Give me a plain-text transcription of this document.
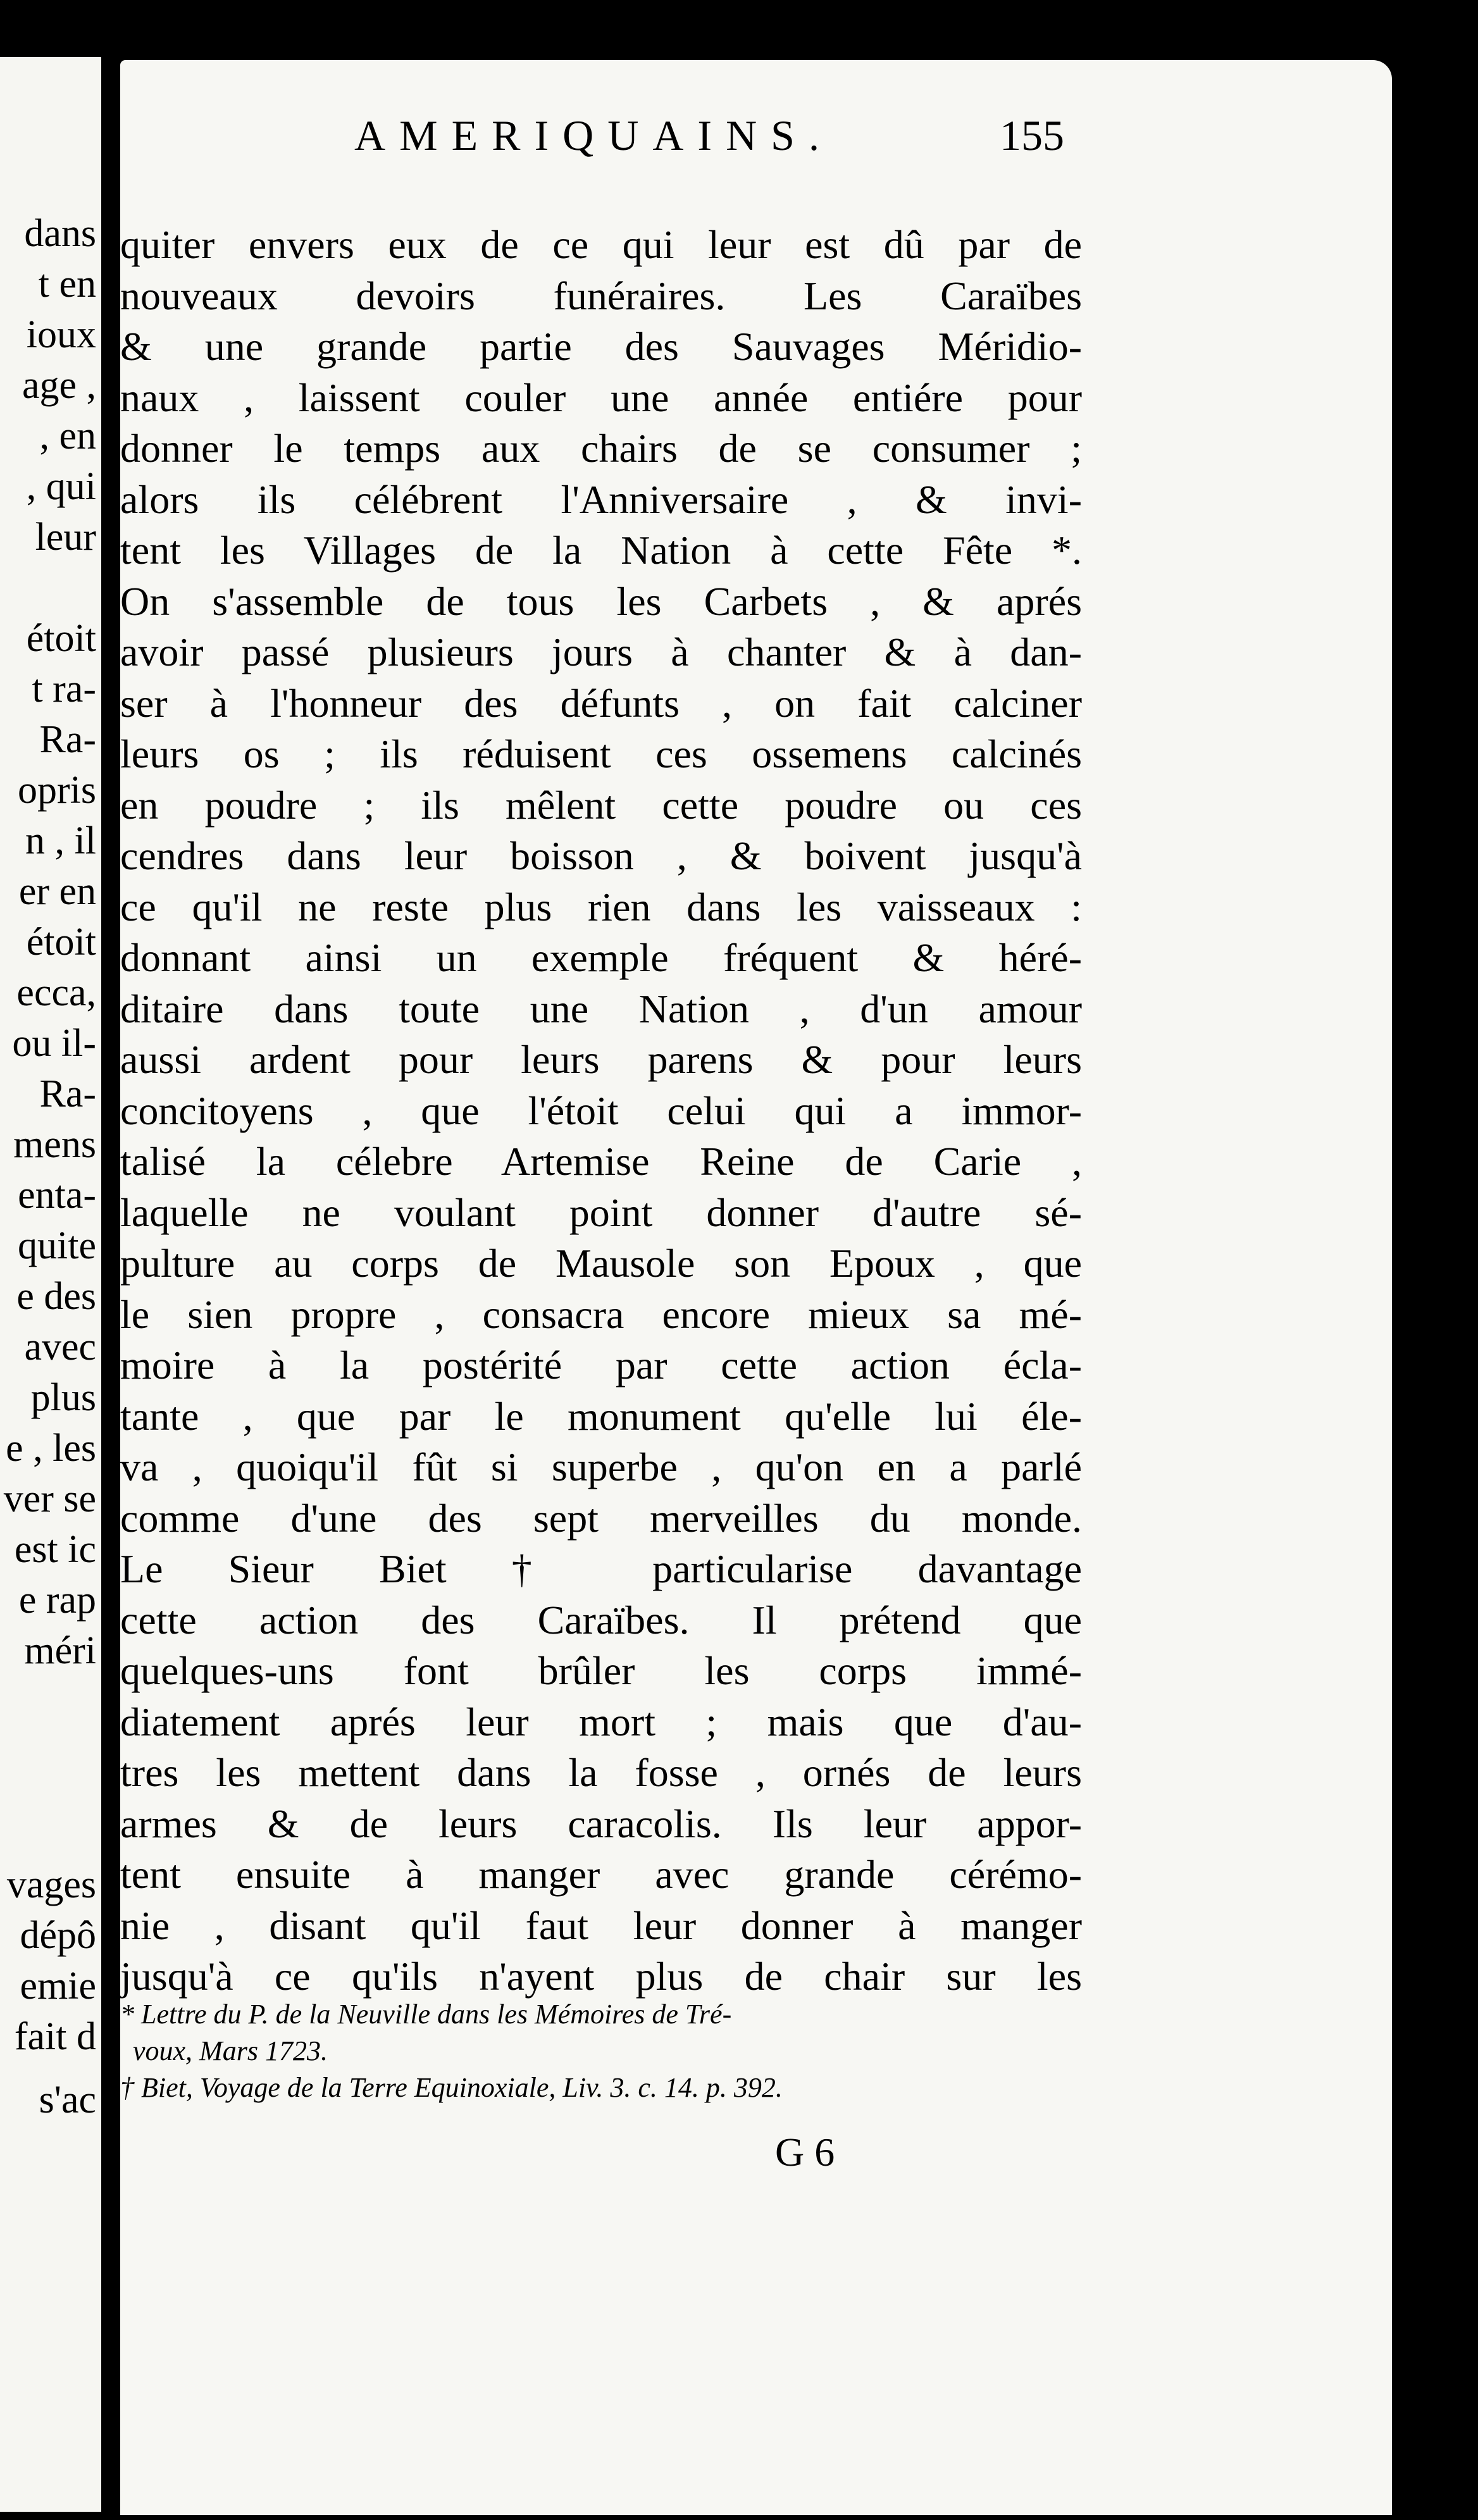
dans
t en
ioux
age ,
, en
, qui
leur
étoit
t ra-
Ra-
opris
n , il
er en
étoit
ecca,
ou il-
Ra-
mens
enta-
quite
e des
avec
plus
e , les
ver se
est ic
e rap
méri
vages
dépô
emie
fait d
s'ac
AMERIQUAINS.	155
quiter envers eux de ce qui leur est dû par de
nouveaux devoirs funéraires. Les Caraïbes
& une grande partie des Sauvages Méridio-
naux , laissent couler une année entiére pour
donner le temps aux chairs de se consumer ;
alors ils célébrent l'Anniversaire , & invi-
tent les Villages de la Nation à cette Fête *.
On s'assemble de tous les Carbets , & aprés
avoir passé plusieurs jours à chanter & à dan-
ser à l'honneur des défunts , on fait calciner
leurs os ; ils réduisent ces ossemens calcinés
en poudre ; ils mêlent cette poudre ou ces
cendres dans leur boisson , & boivent jusqu'à
ce qu'il ne reste plus rien dans les vaisseaux :
donnant ainsi un exemple fréquent & héré-
ditaire dans toute une Nation , d'un amour
aussi ardent pour leurs parens & pour leurs
concitoyens , que l'étoit celui qui a immor-
talisé la célebre Artemise Reine de Carie ,
laquelle ne voulant point donner d'autre sé-
pulture au corps de Mausole son Epoux , que
le sien propre , consacra encore mieux sa mé-
moire à la postérité par cette action écla-
tante , que par le monument qu'elle lui éle-
va , quoiqu'il fût si superbe , qu'on en a parlé
comme d'une des sept merveilles du monde.
Le Sieur Biet † particularise davantage
cette action des Caraïbes. Il prétend que
quelques-uns font brûler les corps immé-
diatement aprés leur mort ; mais que d'au-
tres les mettent dans la fosse , ornés de leurs
armes & de leurs caracolis. Ils leur appor-
tent ensuite à manger avec grande cérémo-
nie , disant qu'il faut leur donner à manger
jusqu'à ce qu'ils n'ayent plus de chair sur les
* Lettre du P. de la Neuville dans les Mémoires de Tré-
voux, Mars 1723.
† Biet, Voyage de la Terre Equinoxiale, Liv. 3. c. 14. p. 392.
G 6
